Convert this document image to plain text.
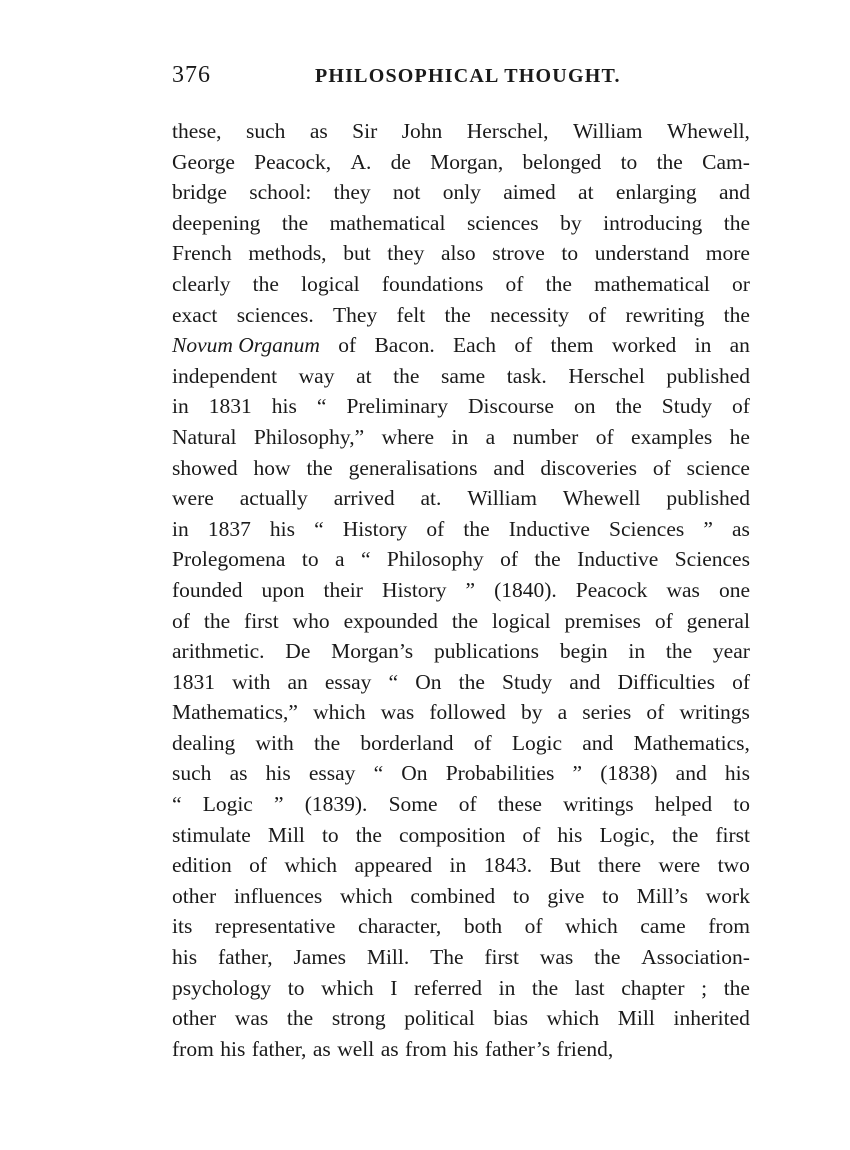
376	PHILOSOPHICAL THOUGHT.
these, such as Sir John Herschel, William Whewell,
George Peacock, A. de Morgan, belonged to the Cam-
bridge school: they not only aimed at enlarging and
deepening the mathematical sciences by introducing the
French methods, but they also strove to understand more
clearly the logical foundations of the mathematical or
exact sciences. They felt the necessity of rewriting the
Novum Organum of Bacon. Each of them worked in an
independent way at the same task. Herschel published
in 1831 his “ Preliminary Discourse on the Study of
Natural Philosophy,” where in a number of examples he
showed how the generalisations and discoveries of science
were actually arrived at. William Whewell published
in 1837 his “ History of the Inductive Sciences ” as
Prolegomena to a “ Philosophy of the Inductive Sciences
founded upon their History ” (1840). Peacock was one
of the first who expounded the logical premises of general
arithmetic. De Morgan’s publications begin in the year
1831 with an essay “ On the Study and Difficulties of
Mathematics,” which was followed by a series of writings
dealing with the borderland of Logic and Mathematics,
such as his essay “ On Probabilities ” (1838) and his
“ Logic ” (1839). Some of these writings helped to
stimulate Mill to the composition of his Logic, the first
edition of which appeared in 1843. But there were two
other influences which combined to give to Mill’s work
its representative character, both of which came from
his father, James Mill. The first was the Association-
psychology to which I referred in the last chapter ; the
other was the strong political bias which Mill inherited
from his father, as well as from his father’s friend,
